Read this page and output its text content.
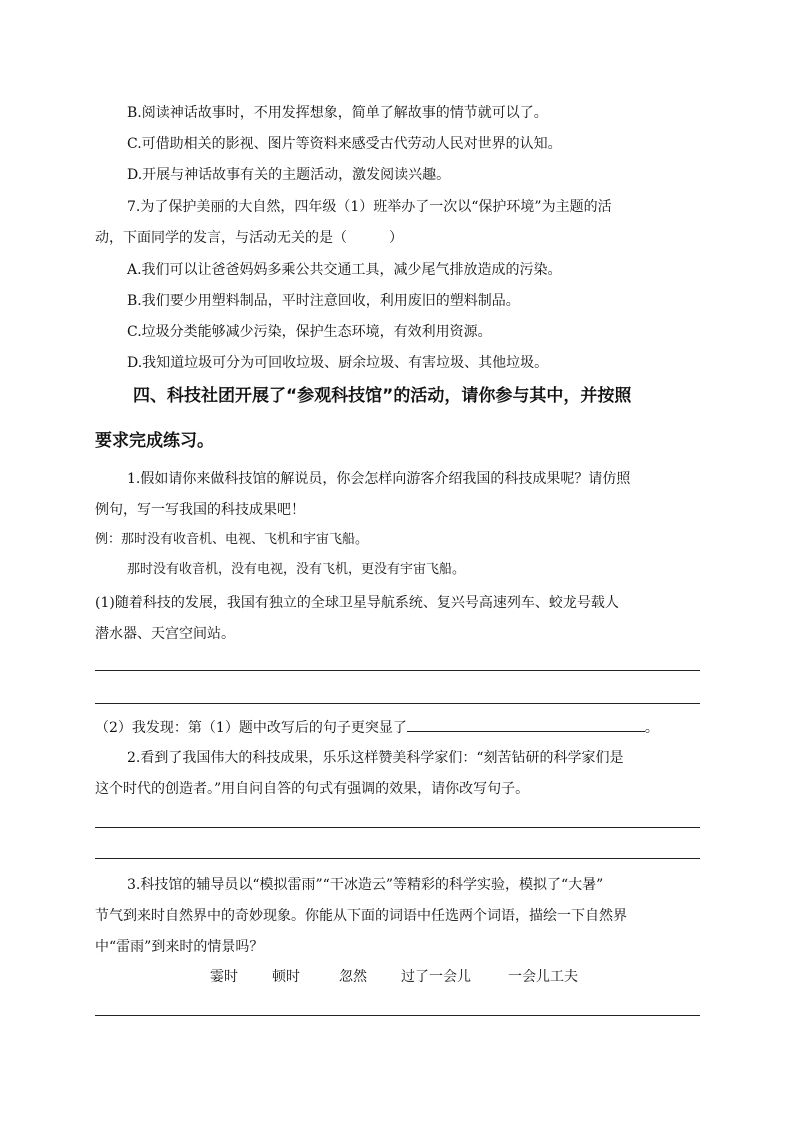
B.阅读神话故事时，不用发挥想象，简单了解故事的情节就可以了。
C.可借助相关的影视、图片等资料来感受古代劳动人民对世界的认知。
D.开展与神话故事有关的主题活动，激发阅读兴趣。
7.为了保护美丽的大自然，四年级（1）班举办了一次以“保护环境”为主题的活
动，下面同学的发言，与活动无关的是（　　　）
A.我们可以让爸爸妈妈多乘公共交通工具，减少尾气排放造成的污染。
B.我们要少用塑料制品，平时注意回收，利用废旧的塑料制品。
C.垃圾分类能够减少污染，保护生态环境，有效利用资源。
D.我知道垃圾可分为可回收垃圾、厨余垃圾、有害垃圾、其他垃圾。
四、科技社团开展了“参观科技馆”的活动，请你参与其中，并按照
要求完成练习。
1.假如请你来做科技馆的解说员，你会怎样向游客介绍我国的科技成果呢？请仿照
例句，写一写我国的科技成果吧！
例：那时没有收音机、电视、飞机和宇宙飞船。
那时没有收音机，没有电视，没有飞机，更没有宇宙飞船。
(1)随着科技的发展，我国有独立的全球卫星导航系统、复兴号高速列车、蛟龙号载人
潜水器、天宫空间站。
（2）我发现：第（1）题中改写后的句子更突显了	。
2.看到了我国伟大的科技成果，乐乐这样赞美科学家们：“刻苦钻研的科学家们是
这个时代的创造者。”用自问自答的句式有强调的效果，请你改写句子。
3.科技馆的辅导员以“模拟雷雨”“干冰造云”等精彩的科学实验，模拟了“大暑”
节气到来时自然界中的奇妙现象。你能从下面的词语中任选两个词语，描绘一下自然界
中“雷雨”到来时的情景吗？
霎时 顿时	忽然 过了一会儿	一会儿工夫
